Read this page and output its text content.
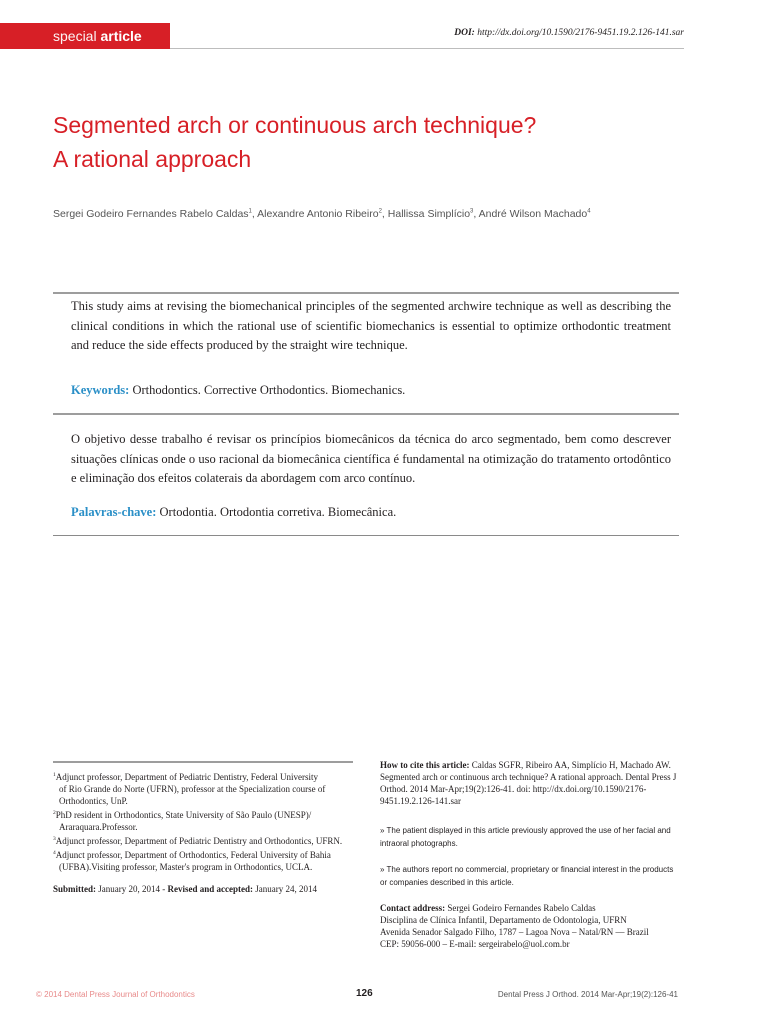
special article	DOI: http://dx.doi.org/10.1590/2176-9451.19.2.126-141.sar
Segmented arch or continuous arch technique?
A rational approach
Sergei Godeiro Fernandes Rabelo Caldas$^1$, Alexandre Antonio Ribeiro$^2$, Hallissa Simplício$^3$, André Wilson Machado$^4$
This study aims at revising the biomechanical principles of the segmented archwire technique as well as describing the clinical conditions in which the rational use of scientific biomechanics is essential to optimize orthodontic treatment and reduce the side effects produced by the straight wire technique.
Keywords: Orthodontics. Corrective Orthodontics. Biomechanics.
O objetivo desse trabalho é revisar os princípios biomecânicos da técnica do arco segmentado, bem como descrever situações clínicas onde o uso racional da biomecânica científica é fundamental na otimização do tratamento ortodôntico e eliminação dos efeitos colaterais da abordagem com arco contínuo.
Palavras-chave: Ortodontia. Ortodontia corretiva. Biomecânica.

$^1$Adjunct professor, Department of Pediatric Dentistry, Federal University

of Rio Grande do Norte (UFRN), professor at the Specialization course of

Orthodontics, UnP.

$^2$PhD resident in Orthodontics, State University of São Paulo (UNESP)/

Araraquara.Professor.

$^3$Adjunct professor, Department of Pediatric Dentistry and Orthodontics, UFRN.

$^4$Adjunct professor, Department of Orthodontics, Federal University of Bahia

(UFBA).Visiting professor, Master's program in Orthodontics, UCLA.

Submitted: January 20, 2014 - Revised and accepted: January 24, 2014
How to cite this article: Caldas SGFR, Ribeiro AA, Simplício H, Machado AW. Segmented arch or continuous arch technique? A rational approach. Dental Press J Orthod. 2014 Mar-Apr;19(2):126-41. doi: http://dx.doi.org/10.1590/2176-9451.19.2.126-141.sar
» The patient displayed in this article previously approved the use of her facial and intraoral photographs.
» The authors report no commercial, proprietary or financial interest in the products or companies described in this article.

Contact address: Sergei Godeiro Fernandes Rabelo Caldas

Disciplina de Clínica Infantil, Departamento de Odontologia, UFRN

Avenida Senador Salgado Filho, 1787 – Lagoa Nova – Natal/RN — Brazil

CEP: 59056-000 – E-mail: sergeirabelo@uol.com.br

© 2014 Dental Press Journal of Orthodontics	126	Dental Press J Orthod. 2014 Mar-Apr;19(2):126-41
